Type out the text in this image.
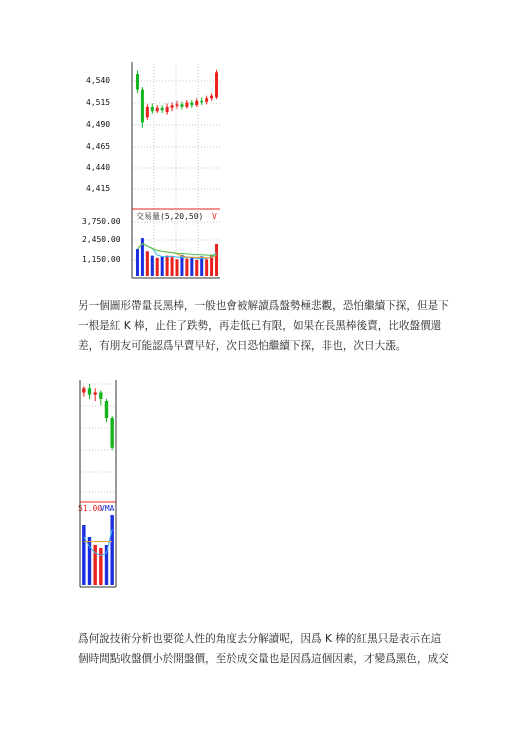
4,540
4,515
4,490
4,465
4,440
4,415
3,750.00
2,450.00
1,150.00
交易量(5,20,50) V
另一個圖形帶量長黑棒，一般也會被解讀爲盤勢極悲觀，恐怕繼續下探，但是下
一根是紅 K 棒，止住了跌勢，再走低已有限，如果在長黑棒後賣，比收盤價還
差，有朋友可能認爲早賣早好，次日恐怕繼續下探，非也，次日大漲。
51.00
VMA
爲何說技術分析也要從人性的角度去分解讀呢，因爲 K 棒的紅黑只是表示在這
個時間點收盤價小於開盤價，至於成交量也是因爲這個因素，才變爲黑色，成交
